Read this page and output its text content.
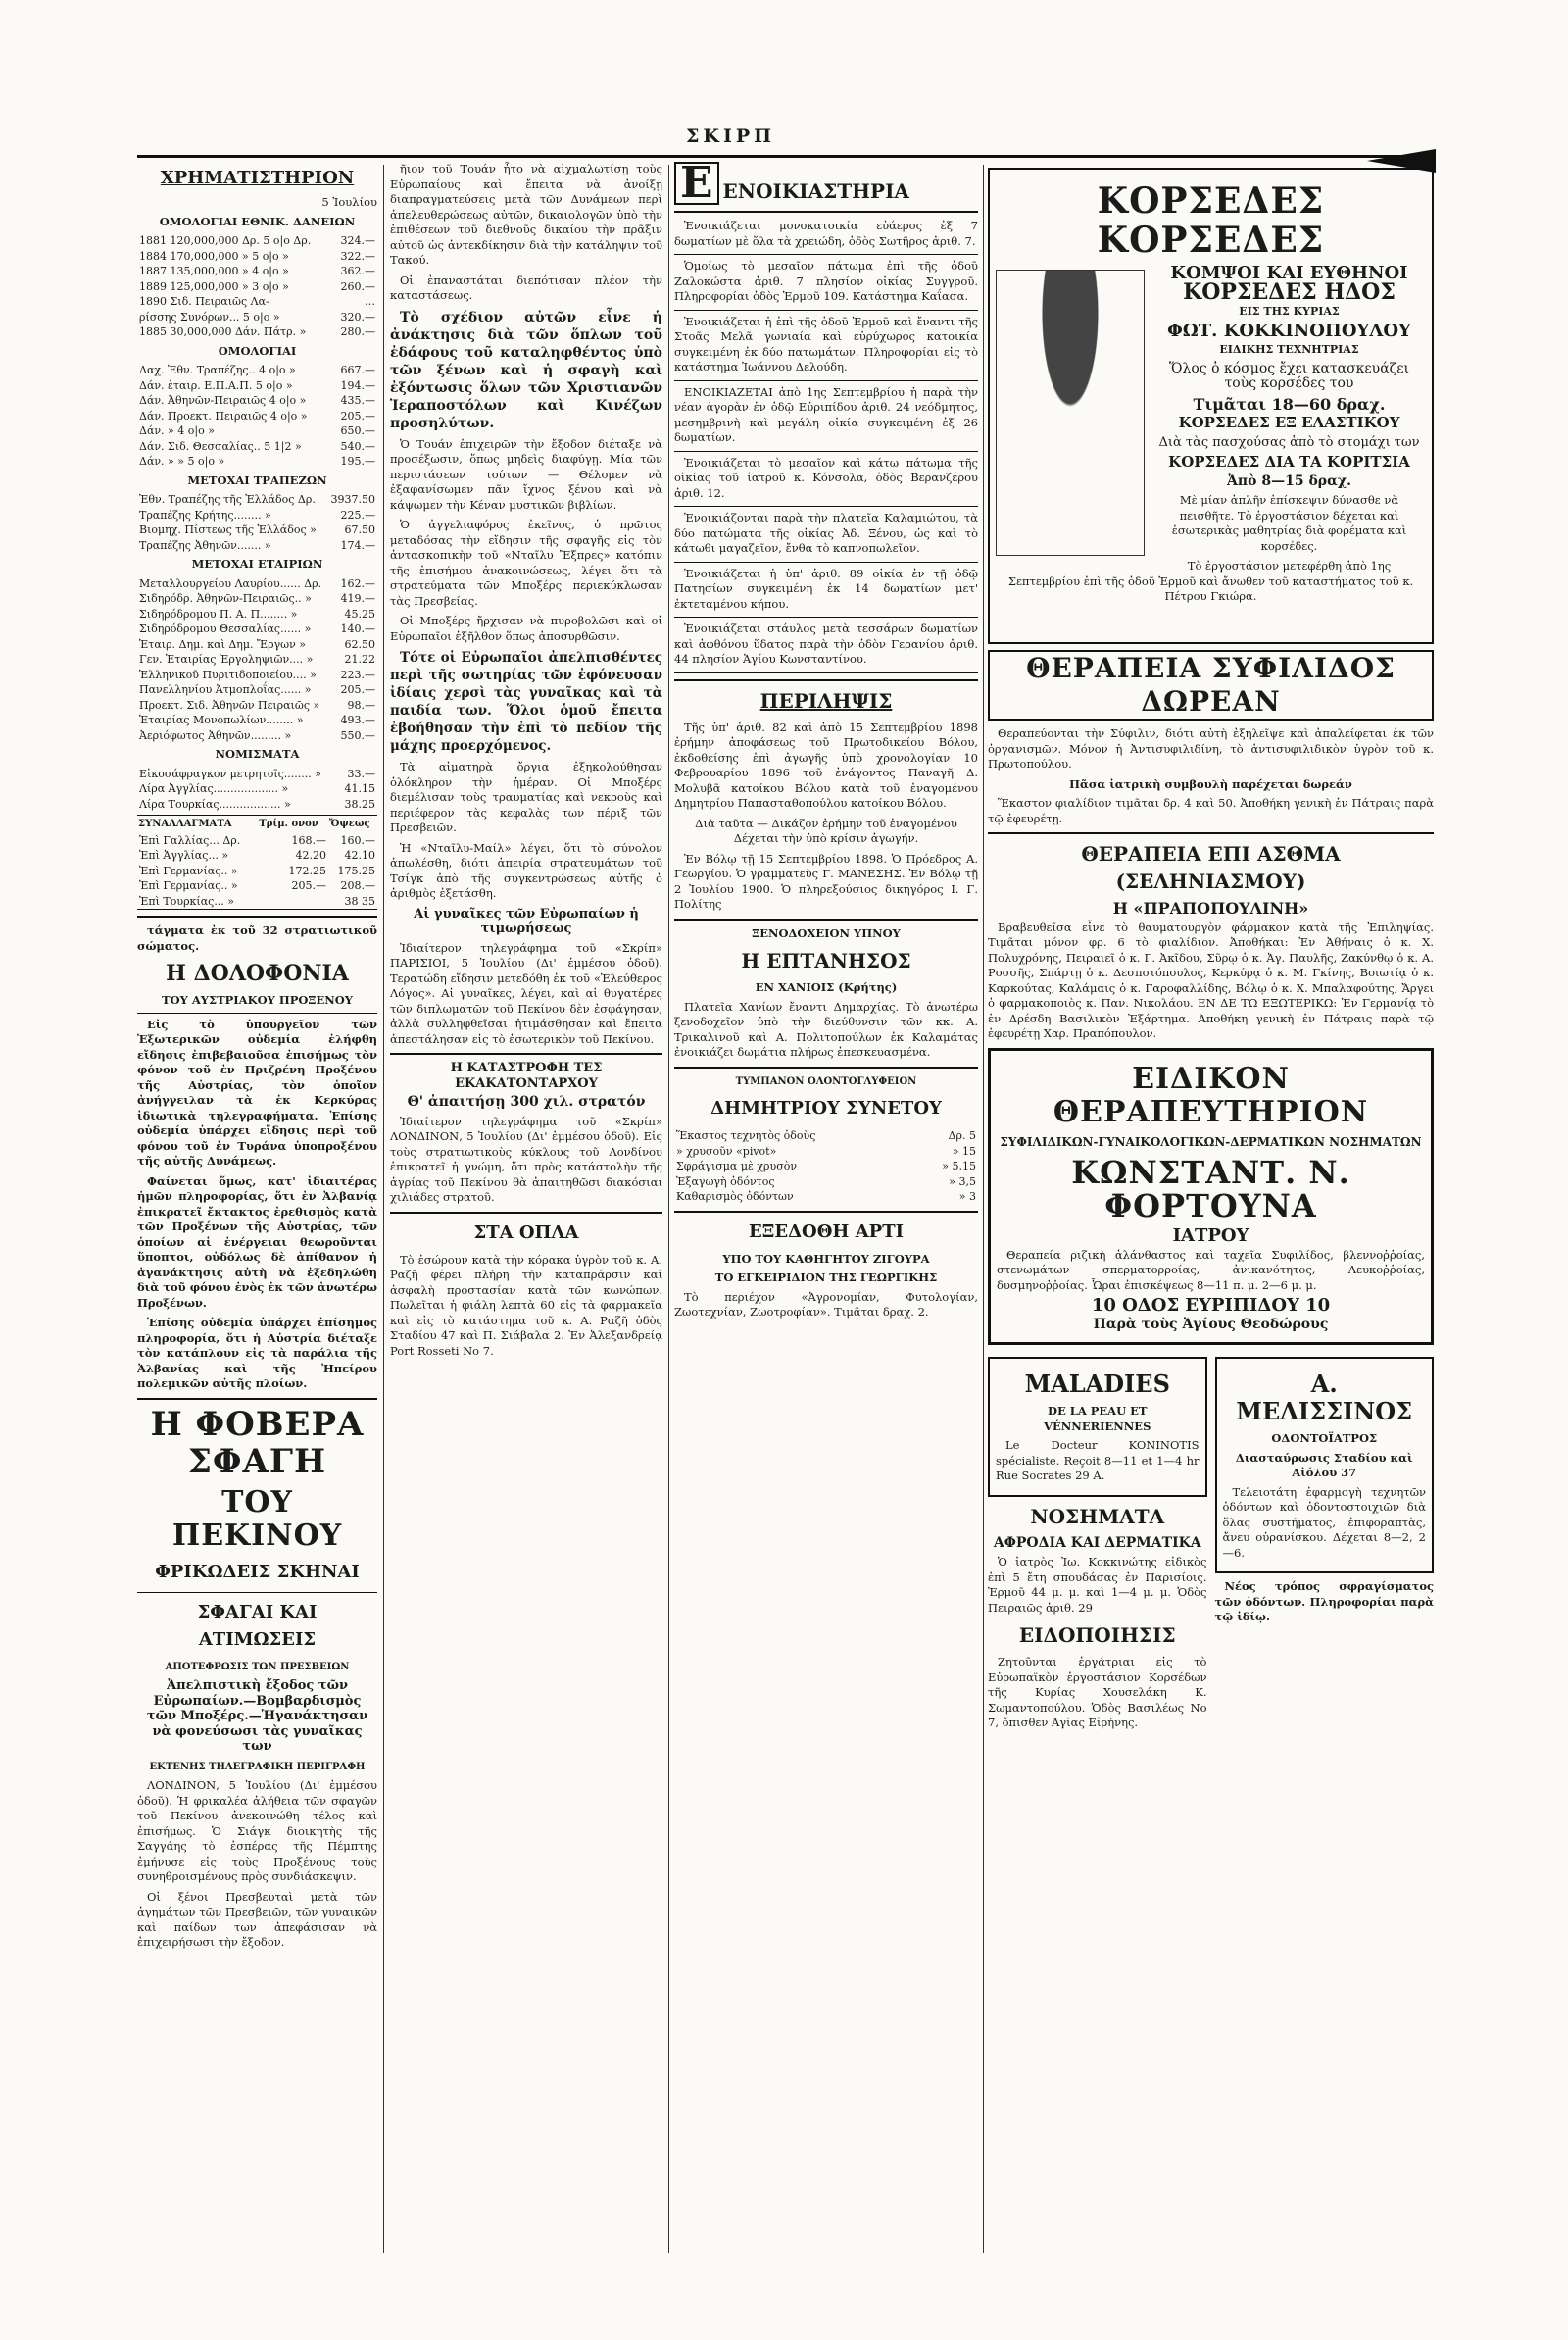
ΣΚΙΡΠ
ΧΡΗΜΑΤΙΣΤΗΡΙΟΝ
5 Ἰουλίου
ΟΜΟΛΟΓΙΑΙ ΕΘΝΙΚ. ΔΑΝΕΙΩΝ
1881 120,000,000 Δρ. 5 ο|ο Δρ.	324.—
1884 170,000,000 » 5 ο|ο »	322.—
1887 135,000,000 » 4 ο|ο »	362.—
1889 125,000,000 » 3 ο|ο »	260.—
1890 Σιδ. Πειραιῶς Λα-	…
ρίσσης Συνόρων... 5 ο|ο »	320.—
1885 30,000,000 Δάν. Πάτρ. »	280.—
ΟΜΟΛΟΓΙΑΙ
Δαχ. Ἐθν. Τραπέζης.. 4 ο|ο »	667.—
Δάν. ἐταιρ. Ε.Π.Α.Π. 5 ο|ο »	194.—
Δάν. Ἀθηνῶν-Πειραιῶς 4 ο|ο »	435.—
Δάν. Προεκτ. Πειραιῶς 4 ο|ο »	205.—
Δάν. » 4 ο|ο »	650.—
Δάν. Σιδ. Θεσσαλίας.. 5 1|2 »	540.—
Δάν. » » 5 ο|ο »	195.—
ΜΕΤΟΧΑΙ ΤΡΑΠΕΖΩΝ
Ἐθν. Τραπέζης τῆς Ἑλλάδος Δρ.	3937.50
Τραπέζης Κρήτης........ »	225.—
Βιομηχ. Πίστεως τῆς Ἑλλάδος »	67.50
Τραπέζης Ἀθηνῶν....... »	174.—
ΜΕΤΟΧΑΙ ΕΤΑΙΡΙΩΝ
Μεταλλουργείου Λαυρίου...... Δρ.	162.—
Σιδηρόδρ. Ἀθηνῶν-Πειραιῶς.. »	419.—
Σιδηρόδρομου Π. Α. Π........ »	45.25
Σιδηρόδρομου Θεσσαλίας...... »	140.—
Ἑταιρ. Δημ. καὶ Δημ. Ἔργων »	62.50
Γεν. Ἑταιρίας Ἐργοληψιῶν.... »	21.22
Ἑλληνικοῦ Πυριτιδοποιείου.... »	223.—
Πανελληνίου Ἀτμοπλοΐας...... »	205.—
Προεκτ. Σιδ. Ἀθηνῶν Πειραιῶς »	98.—
Ἑταιρίας Μονοπωλίων........ »	493.—
Ἀεριόφωτος Ἀθηνῶν......... »	550.—
ΝΟΜΙΣΜΑΤΑ
Εἰκοσάφραγκον μετρητοῖς........ »	33.—
Λίρα Ἀγγλίας................... »	41.15
Λίρα Τουρκίας.................. »	38.25
ΣΥΝΑΛΛΑΓΜΑΤΑ	Τρίμ. ονον	Ὄψεως
Ἐπὶ Γαλλίας... Δρ.	168.—	160.—
Ἐπὶ Ἀγγλίας... »	42.20	42.10
Ἐπὶ Γερμανίας.. »	172.25	175.25
Ἐπὶ Γερμανίας.. »	205.—	208.—
Ἐπὶ Τουρκίας... »		38 35

τάγματα ἐκ τοῦ 32 στρατιωτικοῦ σώματος.

Η ΔΟΛΟΦΟΝΙΑ
ΤΟΥ ΑΥΣΤΡΙΑΚΟΥ ΠΡΟΞΕΝΟΥ

Εἰς τὸ ὑπουργεῖον τῶν Ἐξωτερικῶν οὐδεμία ἐλήφθη εἴδησις ἐπιβεβαιοῦσα ἐπισήμως τὸν φόνον τοῦ ἐν Πριζρένη Προξένου τῆς Αὐστρίας, τὸν ὁποῖον ἀνήγγειλαν τὰ ἐκ Κερκύρας ἰδιωτικὰ τηλεγραφήματα. Ἐπίσης οὐδεμία ὑπάρχει εἴδησις περὶ τοῦ φόνου τοῦ ἐν Τυράνα ὑποπροξένου τῆς αὐτῆς Δυνάμεως.

Φαίνεται ὅμως, κατ' ἰδιαιτέρας ἡμῶν πληροφορίας, ὅτι ἐν Ἀλβανίᾳ ἐπικρατεῖ ἔκτακτος ἐρεθισμὸς κατὰ τῶν Προξένων τῆς Αὐστρίας, τῶν ὁποίων αἱ ἐνέργειαι θεωροῦνται ὕποπτοι, οὐδόλως δὲ ἀπίθανον ἡ ἀγανάκτησις αὐτὴ νὰ ἐξεδηλώθη διὰ τοῦ φόνου ἑνὸς ἐκ τῶν ἀνωτέρω Προξένων.

Ἐπίσης οὐδεμία ὑπάρχει ἐπίσημος πληροφορία, ὅτι ἡ Αὐστρία διέταξε τὸν κατάπλουν εἰς τὰ παράλια τῆς Ἀλβανίας καὶ τῆς Ἠπείρου πολεμικῶν αὐτῆς πλοίων.

Η ΦΟΒΕΡΑ ΣΦΑΓΗ
ΤΟΥ ΠΕΚΙΝΟΥ
ΦΡΙΚΩΔΕΙΣ ΣΚΗΝΑΙ
ΣΦΑΓΑΙ ΚΑΙ ΑΤΙΜΩΣΕΙΣ
ΑΠΟΤΕΦΡΩΣΙΣ ΤΩΝ ΠΡΕΣΒΕΙΩΝ

Ἀπελπιστικὴ ἔξοδος τῶν Εὐρωπαίων.—Βομβαρδισμὸς τῶν Μποξέρς.—Ἡγανάκτησαν νὰ φονεύσωσι τὰς γυναῖκας των

ΕΚΤΕΝΗΣ ΤΗΛΕΓΡΑΦΙΚΗ ΠΕΡΙΓΡΑΦΗ

ΛΟΝΔΙΝΟΝ, 5 Ἰουλίου (Δι' ἐμμέσου ὁδοῦ). Ἡ φρικαλέα ἀλήθεια τῶν σφαγῶν τοῦ Πεκίνου ἀνεκοινώθη τέλος καὶ ἐπισήμως. Ὁ Σιάγκ διοικητὴς τῆς Σαγγάης τὸ ἐσπέρας τῆς Πέμπτης ἐμήνυσε εἰς τοὺς Προξένους τοὺς συνηθροισμένους πρὸς συνδιάσκεψιν.

Οἱ ξένοι Πρεσβευταὶ μετὰ τῶν ἀγημάτων τῶν Πρεσβειῶν, τῶν γυναικῶν καὶ παίδων των ἀπεφάσισαν νὰ ἐπιχειρήσωσι τὴν ἔξοδον.

ῆιον τοῦ Τουάν ἦτο νὰ αἰχμαλωτίσῃ τοὺς Εὐρωπαίους καὶ ἔπειτα νὰ ἀνοίξῃ διαπραγματεύσεις μετὰ τῶν Δυνάμεων περὶ ἀπελευθερώσεως αὐτῶν, δικαιολογῶν ὑπὸ τὴν ἐπιθέσεων τοῦ διεθνοῦς δικαίου τὴν πρᾶξιν αὐτοῦ ὡς ἀντεκδίκησιν διὰ τὴν κατάληψιν τοῦ Τακού.

Οἱ ἐπαναστάται διεπότισαν πλέον τὴν καταστάσεως.

Τὸ σχέδιον αὐτῶν εἶνε ἡ ἀνάκτησις διὰ τῶν ὅπλων τοῦ ἐδάφους τοῦ καταληφθέντος ὑπὸ τῶν ξένων καὶ ἡ σφαγὴ καὶ ἐξόντωσις ὅλων τῶν Χριστιανῶν Ἱεραποστόλων καὶ Κινέζων προσηλύτων.

Ὁ Τουάν ἐπιχειρῶν τὴν ἔξοδον διέταξε νὰ προσέξωσιν, ὅπως μηδεὶς διαφύγῃ. Μία τῶν περιστάσεων τούτων — Θέλομεν νὰ ἐξαφανίσωμεν πᾶν ἴχνος ξένου καὶ νὰ κάψωμεν τὴν Κέναν μυστικῶν βιβλίων.

Ὁ ἀγγελιαφόρος ἐκεῖνος, ὁ πρῶτος μεταδόσας τὴν εἴδησιν τῆς σφαγῆς εἰς τὸν ἀντασκοπικὴν τοῦ «Νταῖλυ Ἔξπρες» κατόπιν τῆς ἐπισήμου ἀνακοινώσεως, λέγει ὅτι τὰ στρατεύματα τῶν Μποξέρς περιεκύκλωσαν τὰς Πρεσβείας.

Οἱ Μποξέρς ἤρχισαν νὰ πυροβολῶσι καὶ οἱ Εὐρωπαῖοι ἐξῆλθον ὅπως ἀποσυρθῶσιν.

Τότε οἱ Εὐρωπαῖοι ἀπελπισθέντες περὶ τῆς σωτηρίας τῶν ἐφόνευσαν ἰδίαις χερσὶ τὰς γυναῖκας καὶ τὰ παιδία των. Ὅλοι ὁμοῦ ἔπειτα ἐβοήθησαν τὴν ἐπὶ τὸ πεδίον τῆς μάχης προερχόμενος.

Τὰ αἱματηρὰ ὄργια ἐξηκολούθησαν ὁλόκληρον τὴν ἡμέραν. Οἱ Μποξέρς διεμέλισαν τοὺς τραυματίας καὶ νεκροὺς καὶ περιέφερον τὰς κεφαλὰς των πέριξ τῶν Πρεσβειῶν.

Ἡ «Νταῖλυ-Μαίλ» λέγει, ὅτι τὸ σύνολον ἀπωλέσθη, διότι ἀπειρία στρατευμάτων τοῦ Τσίγκ ἀπὸ τῆς συγκεντρώσεως αὐτῆς ὁ ἀριθμὸς ἐξετάσθη.

Αἱ γυναῖκες τῶν Εὐρωπαίων ἡ τιμωρήσεως

Ἰδιαίτερον τηλεγράφημα τοῦ «Σκρίπ» ΠΑΡΙΣΙΟΙ, 5 Ἰουλίου (Δι' ἐμμέσου ὁδοῦ). Τερατώδη εἴδησιν μετεδόθη ἐκ τοῦ «Ἐλεύθερος Λόγος». Αἱ γυναῖκες, λέγει, καὶ αἱ θυγατέρες τῶν διπλωματῶν τοῦ Πεκίνου δὲν ἐσφάγησαν, ἀλλὰ συλληφθεῖσαι ἠτιμάσθησαν καὶ ἔπειτα ἀπεστάλησαν εἰς τὸ ἐσωτερικὸν τοῦ Πεκίνου.

Η ΚΑΤΑΣΤΡΟΦΗ ΤΕΣ ΕΚΑΚΑΤΟΝΤΑΡΧΟΥ
Θ' ἀπαιτήσῃ 300 χιλ. στρατόν

Ἰδιαίτερον τηλεγράφημα τοῦ «Σκρίπ» ΛΟΝΔΙΝΟΝ, 5 Ἰουλίου (Δι' ἐμμέσου ὁδοῦ). Εἰς τοὺς στρατιωτικοὺς κύκλους τοῦ Λονδίνου ἐπικρατεῖ ἡ γνώμη, ὅτι πρὸς κατάστολὴν τῆς ἀγρίας τοῦ Πεκίνου θὰ ἀπαιτηθῶσι διακόσιαι χιλιάδες στρατοῦ.

ΣΤΑ ΟΠΛΑ

Τὸ ἐσώρουν κατὰ τὴν κόρακα ὑγρὸν τοῦ κ. Α. Ραζῆ φέρει πλήρη τὴν καταπράρσιν καὶ ἀσφαλὴ προστασίαν κατὰ τῶν κωνώπων. Πωλεῖται ἡ φιάλη λεπτὰ 60 εἰς τὰ φαρμακεῖα καὶ εἰς τὸ κατάστημα τοῦ κ. Α. Ραζῆ ὁδὸς Σταδίου 47 καὶ Π. Σιάβαλα 2. Ἐν Ἀλεξανδρείᾳ Port Rosseti No 7.

E ΕΝΟΙΚΙΑΣΤΗΡΙΑ

Ἐνοικιάζεται μονοκατοικία εὐάερος ἐξ 7 δωματίων μὲ ὅλα τὰ χρειώδη, ὁδὸς Σωτῆρος ἀριθ. 7.

Ὁμοίως τὸ μεσαῖον πάτωμα ἐπὶ τῆς ὁδοῦ Ζαλοκώστα ἀριθ. 7 πλησίον οἰκίας Συγγροῦ. Πληροφορίαι ὁδὸς Ἑρμοῦ 109. Κατάστημα Καΐασα.

Ἐνοικιάζεται ἡ ἐπὶ τῆς ὁδοῦ Ἑρμοῦ καὶ ἔναντι τῆς Στοᾶς Μελᾶ γωνιαία καὶ εὐρύχωρος κατοικία συγκειμένη ἐκ δύο πατωμάτων. Πληροφορίαι εἰς τὸ κατάστημα Ἰωάννου Δελούδη.

ΕΝΟΙΚΙΑΖΕΤΑΙ ἀπὸ 1ης Σεπτεμβρίου ἡ παρὰ τὴν νέαν ἀγορὰν ἐν ὁδῷ Εὐριπίδου ἀριθ. 24 νεόδμητος, μεσημβρινὴ καὶ μεγάλη οἰκία συγκειμένη ἐξ 26 δωματίων.

Ἐνοικιάζεται τὸ μεσαῖον καὶ κάτω πάτωμα τῆς οἰκίας τοῦ ἰατροῦ κ. Κόνσολα, ὁδὸς Βερανζέρου ἀριθ. 12.

Ἐνοικιάζονται παρὰ τὴν πλατεῖα Καλαμιώτου, τὰ δύο πατώματα τῆς οἰκίας Ἀδ. Ξένου, ὡς καὶ τὸ κάτωθι μαγαζεῖον, ἔνθα τὸ καπνοπωλεῖον.

Ἐνοικιάζεται ἡ ὑπ' ἀριθ. 89 οἰκία ἐν τῇ ὁδῷ Πατησίων συγκειμένη ἐκ 14 δωματίων μετ' ἐκτεταμένου κήπου.

Ἐνοικιάζεται στάυλος μετὰ τεσσάρων δωματίων καὶ ἀφθόνου ὕδατος παρὰ τὴν ὁδὸν Γερανίου ἀριθ. 44 πλησίον Ἁγίου Κωνσταντίνου.

ΠΕΡΙΛΗΨΙΣ

Τῆς ὑπ' ἀριθ. 82 καὶ ἀπὸ 15 Σεπτεμβρίου 1898 ἐρήμην ἀποφάσεως τοῦ Πρωτοδικείου Βόλου, ἐκδοθείσης ἐπὶ ἀγωγῆς ὑπὸ χρονολογίαν 10 Φεβρουαρίου 1896 τοῦ ἐνάγοντος Παναγῆ Δ. Μολυβᾶ κατοίκου Βόλου κατὰ τοῦ ἐναγομένου Δημητρίου Παπασταθοπούλου κατοίκου Βόλου.

Διὰ ταῦτα — Δικάζον ἐρήμην τοῦ ἐναγομένου Δέχεται τὴν ὑπὸ κρίσιν ἀγωγήν.

Ἐν Βόλῳ τῇ 15 Σεπτεμβρίου 1898. Ὁ Πρόεδρος Α. Γεωργίου. Ὁ γραμματεὺς Γ. ΜΑΝΕΣΗΣ. Ἐν Βόλῳ τῇ 2 Ἰουλίου 1900. Ὁ πληρεξούσιος δικηγόρος Ι. Γ. Πολίτης

ΞΕΝΟΔΟΧΕΙΟΝ ΥΠΝΟΥ
Η ΕΠΤΑΝΗΣΟΣ
ΕΝ ΧΑΝΙΟΙΣ (Κρήτης)

Πλατεῖα Χανίων ἔναντι Δημαρχίας. Τὸ ἀνωτέρω ξενοδοχεῖον ὑπὸ τὴν διεύθυνσιν τῶν κκ. Α. Τρικαλινοῦ καὶ Α. Πολιτοπούλων ἐκ Καλαμάτας ἐνοικιάζει δωμάτια πλήρως ἐπεσκευασμένα.

ΤΥΜΠΑΝΟΝ ΟΛΟΝΤΟΓΛΥΦΕΙΟΝ
ΔΗΜΗΤΡΙΟΥ ΣΥΝΕΤΟΥ
Ἕκαστος τεχνητὸς ὀδοὺς	Δρ. 5
» χρυσοῦν «pivot»	» 15
Σφράγισμα μὲ χρυσὸν	» 5,15
Ἐξαγωγὴ ὀδόντος	» 3,5
Καθαρισμὸς ὀδόντων	» 3
ΕΞΕΔΟΘΗ ΑΡΤΙ
ΥΠΟ ΤΟΥ ΚΑΘΗΓΗΤΟΥ ΖΙΓΟΥΡΑ
ΤΟ ΕΓΚΕΙΡΙΔΙΟΝ ΤΗΣ ΓΕΩΡΓΙΚΗΣ

Τὸ περιέχον «Ἀγρονομίαν, Φυτολογίαν, Ζωοτεχνίαν, Ζωοτροφίαν». Τιμᾶται δραχ. 2.

ΚΟΡΣΕΔΕΣ ΚΟΡΣΕΔΕΣ
ΚΟΜΨΟΙ ΚΑΙ ΕΥΘΗΝΟΙ
ΚΟΡΣΕΔΕΣ ΗΔΟΣ
ΕΙΣ ΤΗΣ ΚΥΡΙΑΣ
ΦΩΤ. ΚΟΚΚΙΝΟΠΟΥΛΟΥ
ΕΙΔΙΚΗΣ ΤΕΧΝΗΤΡΙΑΣ

Ὅλος ὁ κόσμος ἔχει κατασκευάζει τοὺς κορσέδες του

Τιμᾶται 18—60 δραχ.
ΚΟΡΣΕΔΕΣ ΕΞ ΕΛΑΣΤΙΚΟΥ

Διὰ τὰς πασχούσας ἀπὸ τὸ στομάχι των

ΚΟΡΣΕΔΕΣ ΔΙΑ ΤΑ ΚΟΡΙΤΣΙΑ
Ἀπὸ 8—15 δραχ.

Μὲ μίαν ἁπλῆν ἐπίσκεψιν δύνασθε νὰ πεισθῆτε. Τὸ ἐργοστάσιον δέχεται καὶ ἐσωτερικὰς μαθητρίας διὰ φορέματα καὶ κορσέδες.

Τὸ ἐργοστάσιον μετεφέρθη ἀπὸ 1ης Σεπτεμβρίου ἐπὶ τῆς ὁδοῦ Ἑρμοῦ καὶ ἄνωθεν τοῦ καταστήματος τοῦ κ. Πέτρου Γκιώρα.

ΘΕΡΑΠΕΙΑ ΣΥΦΙΛΙΔΟΣ ΔΩΡΕΑΝ

Θεραπεύονται τὴν Σύφιλιν, διότι αὐτὴ ἐξηλεῖψε καὶ ἀπαλείφεται ἐκ τῶν ὀργανισμῶν. Μόνον ἡ Ἀντισυφιλιδίνη, τὸ ἀντισυφιλιδικὸν ὑγρὸν τοῦ κ. Πρωτοπούλου.

Πᾶσα ἰατρικὴ συμβουλὴ παρέχεται δωρεάν

Ἕκαστον φιαλίδιον τιμᾶται δρ. 4 καὶ 50. Ἀποθήκη γενικὴ ἐν Πάτραις παρὰ τῷ ἐφευρέτῃ.

ΘΕΡΑΠΕΙΑ ΕΠΙ ΑΣΘΜΑ (ΣΕΛΗΝΙΑΣΜΟΥ)
Η «ΠΡΑΠΟΠΟΥΛΙΝΗ»

Βραβευθεῖσα εἶνε τὸ θαυματουργὸν φάρμακον κατὰ τῆς Ἐπιληψίας. Τιμᾶται μόνον φρ. 6 τὸ φιαλίδιον. Ἀποθήκαι: Ἐν Ἀθήναις ὁ κ. Χ. Πολυχρόνης, Πειραιεῖ ὁ κ. Γ. Ἀκῖδου, Σῦρῳ ὁ κ. Ἀγ. Παυλῆς, Ζακύνθῳ ὁ κ. Α. Ροσσῆς, Σπάρτῃ ὁ κ. Δεσποτόπουλος, Κερκύρᾳ ὁ κ. Μ. Γκίνης, Βοιωτίᾳ ὁ κ. Καρκούτας, Καλάμαις ὁ κ. Γαροφαλλίδης, Βόλῳ ὁ κ. Χ. Μπαλαφούτης, Ἄργει ὁ φαρμακοποιὸς κ. Παν. Νικολάου. ΕΝ ΔΕ ΤΩ ΕΞΩΤΕΡΙΚΩ: Ἐν Γερμανίᾳ τὸ ἐν Δρέσδη Βασιλικὸν Ἐξάρτημα. Ἀποθήκη γενικὴ ἐν Πάτραις παρὰ τῷ ἐφευρέτῃ Χαρ. Πραπόπουλον.

ΕΙΔΙΚΟΝ ΘΕΡΑΠΕΥΤΗΡΙΟΝ
ΣΥΦΙΛΙΔΙΚΩΝ-ΓΥΝΑΙΚΟΛΟΓΙΚΩΝ-ΔΕΡΜΑΤΙΚΩΝ ΝΟΣΗΜΑΤΩΝ
ΚΩΝΣΤΑΝΤ. Ν. ΦΟΡΤΟΥΝΑ
ΙΑΤΡΟΥ

Θεραπεία ριζικὴ ἀλάνθαστος καὶ ταχεῖα Συφιλίδος, βλεννοῤῥοίας, στενωμάτων σπερματορροίας, ἀνικανότητος, Λευκοῤῥοίας, δυσμηνοῤῥοίας. Ὧραι ἐπισκέψεως 8—11 π. μ. 2—6 μ. μ.

10 ΟΔΟΣ ΕΥΡΙΠΙΔΟΥ 10
Παρὰ τοὺς Ἁγίους Θεοδώρους
MALADIES
DE LA PEAU ET VÉNNERIENNES

Le Docteur KONINOTIS spécialiste. Reçoit 8—11 et 1—4 hr Rue Socrates 29 Α.

ΝΟΣΗΜΑΤΑ
ΑΦΡΟΔΙΑ ΚΑΙ ΔΕΡΜΑΤΙΚΑ

Ὁ ἰατρὸς Ἰω. Κοκκινώτης εἰδικὸς ἐπὶ 5 ἔτη σπουδάσας ἐν Παρισίοις. Ἐρμοῦ 44 μ. μ. καὶ 1—4 μ. μ. Ὁδὸς Πειραιῶς ἀριθ. 29

ΕΙΔΟΠΟΙΗΣΙΣ

Ζητοῦνται ἐργάτριαι εἰς τὸ Εὐρωπαϊκὸν ἐργοστάσιον Κορσέδων τῆς Κυρίας Χουσελάκη Κ. Σωμαντοπούλου. Ὁδὸς Βασιλέως No 7, ὄπισθεν Ἁγίας Εἰρήνης.

Α. ΜΕΛΙΣΣΙΝΟΣ
ΟΔΟΝΤΟΪΑΤΡΟΣ
Διασταύρωσις Σταδίου καὶ Αἰόλου 37

Τελειοτάτη ἐφαρμογὴ τεχνητῶν ὀδόντων καὶ ὀδοντοστοιχιῶν διὰ ὅλας συστήματος, ἐπιφοραπτὰς, ἄνευ οὐρανίσκου. Δέχεται 8—2, 2—6.

Νέος τρόπος σφραγίσματος τῶν ὀδόντων. Πληροφορίαι παρὰ τῷ ἰδίῳ.
